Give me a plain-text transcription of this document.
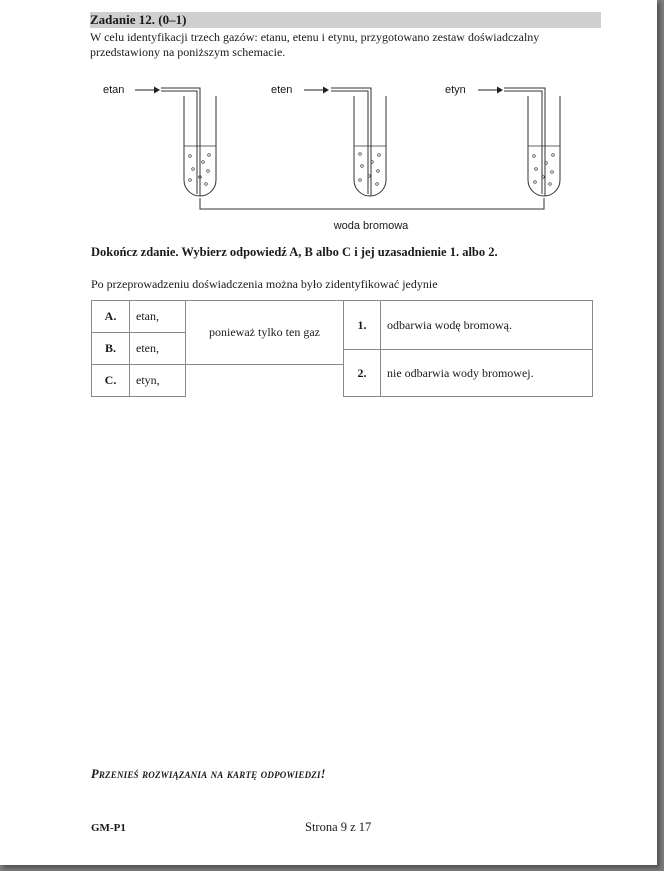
Zadanie 12. (0–1)
W celu identyfikacji trzech gazów: etanu, etenu i etynu, przygotowano zestaw doświadczalny przedstawiony na poniższym schemacie.
etan	eten	etyn
woda bromowa
Dokończ zdanie. Wybierz odpowiedź A, B albo C i jej uzasadnienie 1. albo 2.
Po przeprowadzeniu doświadczenia można było zidentyfikować jedynie
A.	etan,	ponieważ tylko ten gaz	1.	odbarwia wodę bromową.
B.	eten,			
			2.	nie odbarwia wody bromowej.
C.	etyn,			
Przenieś rozwiązania na kartę odpowiedzi!
GM-P1	Strona 9 z 17
